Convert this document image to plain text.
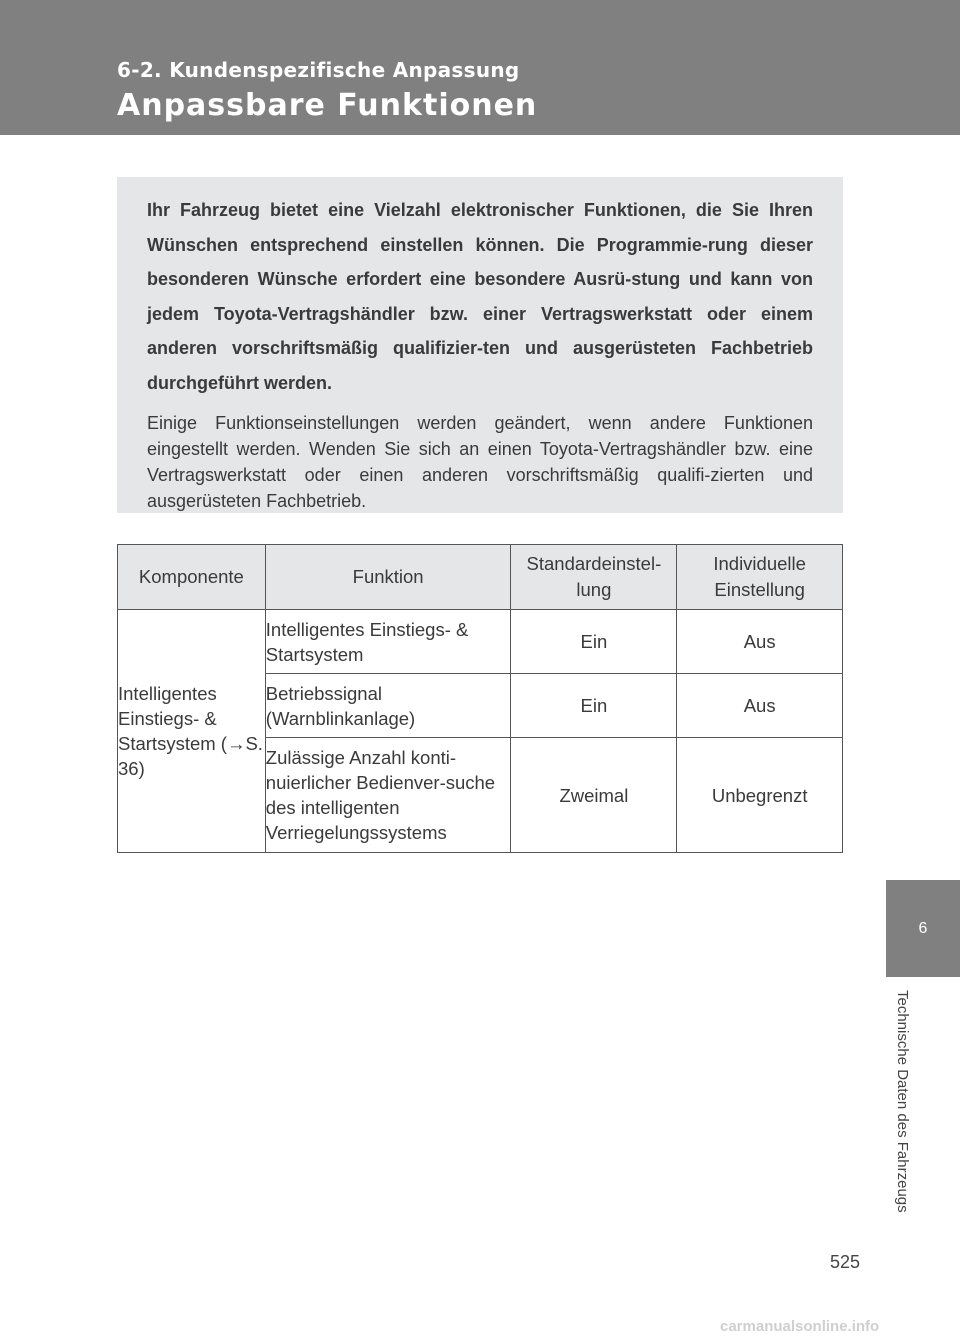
6-2. Kundenspezifische Anpassung
Anpassbare Funktionen

Ihr Fahrzeug bietet eine Vielzahl elektronischer Funktionen, die Sie Ihren Wünschen entsprechend einstellen können. Die Programmie-rung dieser besonderen Wünsche erfordert eine besondere Ausrü-stung und kann von jedem Toyota-Vertragshändler bzw. einer Vertragswerkstatt oder einem anderen vorschriftsmäßig qualifizier-ten und ausgerüsteten Fachbetrieb durchgeführt werden.

Einige Funktionseinstellungen werden geändert, wenn andere Funktionen eingestellt werden. Wenden Sie sich an einen Toyota-Vertragshändler bzw. eine Vertragswerkstatt oder einen anderen vorschriftsmäßig qualifi-zierten und ausgerüsteten Fachbetrieb.

Komponente	Funktion	Standardeinstel-lung	Individuelle Einstellung
Intelligentes Einstiegs- & Startsystem (→S. 36)	Intelligentes Einstiegs- & Startsystem	Ein	Aus
	Betriebssignal (Warnblinkanlage)	Ein	Aus
	Zulässige Anzahl konti-nuierlicher Bedienver-suche des intelligenten Verriegelungssystems	Zweimal	Unbegrenzt
6
Technische Daten des Fahrzeugs
525
carmanualsonline.info
